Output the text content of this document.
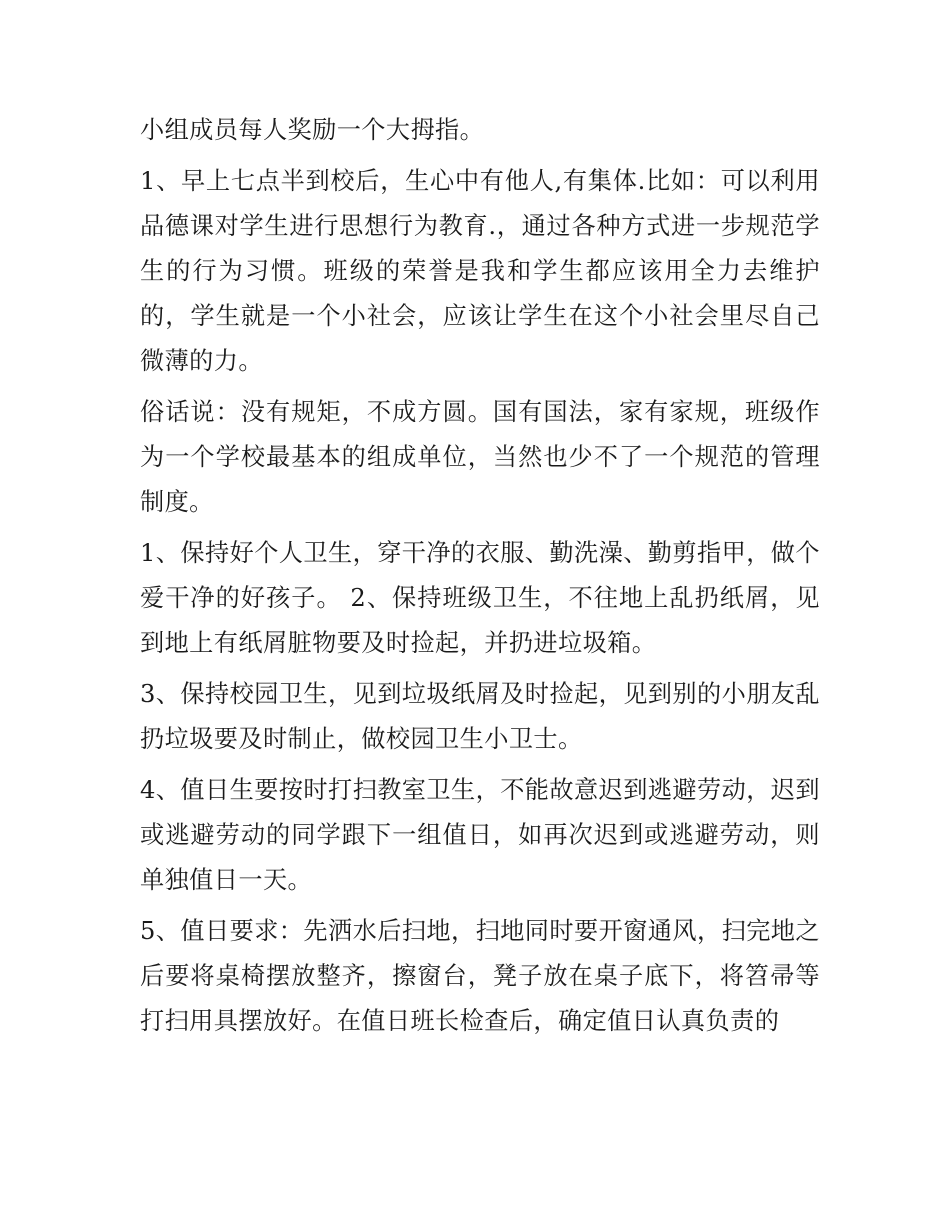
小组成员每人奖励一个大拇指。

1、早上七点半到校后，生心中有他人,有集体.比如：可以利用品德课对学生进行思想行为教育.，通过各种方式进一步规范学生的行为习惯。班级的荣誉是我和学生都应该用全力去维护的，学生就是一个小社会，应该让学生在这个小社会里尽自己微薄的力。

俗话说：没有规矩，不成方圆。国有国法，家有家规，班级作为一个学校最基本的组成单位，当然也少不了一个规范的管理制度。

1、保持好个人卫生，穿干净的衣服、勤洗澡、勤剪指甲，做个爱干净的好孩子。 2、保持班级卫生，不往地上乱扔纸屑，见到地上有纸屑脏物要及时捡起，并扔进垃圾箱。

3、保持校园卫生，见到垃圾纸屑及时捡起，见到别的小朋友乱扔垃圾要及时制止，做校园卫生小卫士。

4、值日生要按时打扫教室卫生，不能故意迟到逃避劳动，迟到或逃避劳动的同学跟下一组值日，如再次迟到或逃避劳动，则单独值日一天。

5、值日要求：先洒水后扫地，扫地同时要开窗通风，扫完地之后要将桌椅摆放整齐，擦窗台，凳子放在桌子底下，将笤帚等打扫用具摆放好。在值日班长检查后，确定值日认真负责的
